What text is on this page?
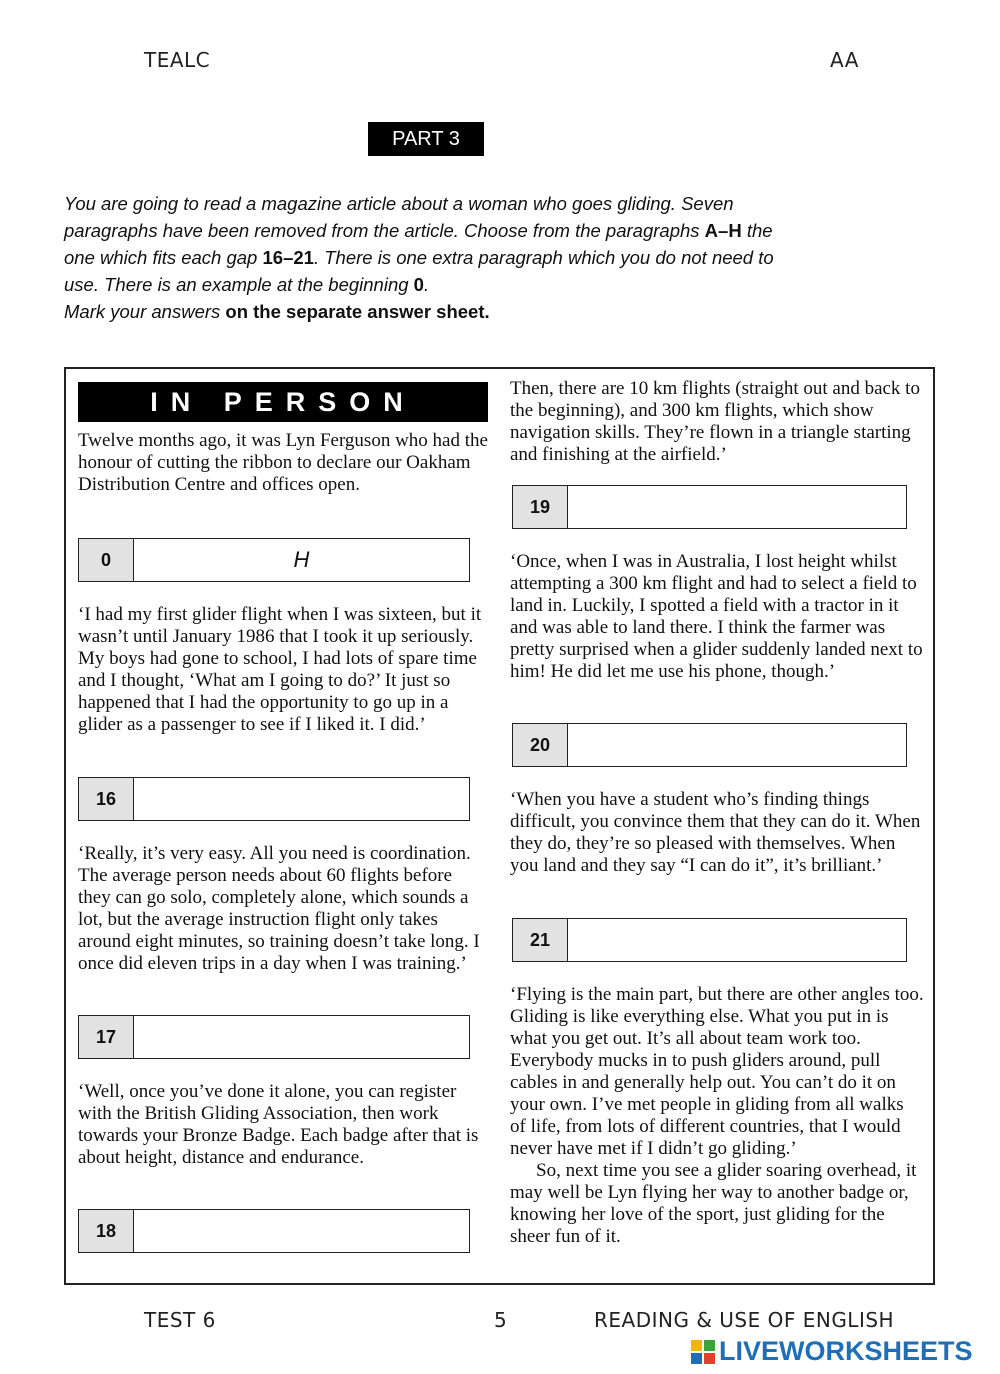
TEALC	AA
PART 3
You are going to read a magazine article about a woman who goes gliding. Seven paragraphs have been removed from the article. Choose from the paragraphs A–H the one which fits each gap 16–21. There is one extra paragraph which you do not need to use. There is an example at the beginning 0.
Mark your answers on the separate answer sheet.
IN PERSON

Twelve months ago, it was Lyn Ferguson who had the honour of cutting the ribbon to declare our Oakham Distribution Centre and offices open.

0	H

‘I had my first glider flight when I was sixteen, but it wasn’t until January 1986 that I took it up seriously. My boys had gone to school, I had lots of spare time and I thought, ‘What am I going to do?’ It just so happened that I had the opportunity to go up in a glider as a passenger to see if I liked it. I did.’

16

‘Really, it’s very easy. All you need is coordination. The average person needs about 60 flights before they can go solo, completely alone, which sounds a lot, but the average instruction flight only takes around eight minutes, so training doesn’t take long. I once did eleven trips in a day when I was training.’

17

‘Well, once you’ve done it alone, you can register with the British Gliding Association, then work towards your Bronze Badge. Each badge after that is about height, distance and endurance.

18

Then, there are 10 km flights (straight out and back to the beginning), and 300 km flights, which show navigation skills. They’re flown in a triangle starting and finishing at the airfield.’

19

‘Once, when I was in Australia, I lost height whilst attempting a 300 km flight and had to select a field to land in. Luckily, I spotted a field with a tractor in it and was able to land there. I think the farmer was pretty surprised when a glider suddenly landed next to him! He did let me use his phone, though.’

20

‘When you have a student who’s finding things difficult, you convince them that they can do it. When they do, they’re so pleased with themselves. When you land and they say “I can do it”, it’s brilliant.’

21

‘Flying is the main part, but there are other angles too. Gliding is like everything else. What you put in is what you get out. It’s all about team work too. Everybody mucks in to push gliders around, pull cables in and generally help out. You can’t do it on your own. I’ve met people in gliding from all walks of life, from lots of different countries, that I would never have met if I didn’t go gliding.’

So, next time you see a glider soaring overhead, it may well be Lyn flying her way to another badge or, knowing her love of the sport, just gliding for the sheer fun of it.

TEST 6	5	READING & USE OF ENGLISH
LIVEWORKSHEETS
